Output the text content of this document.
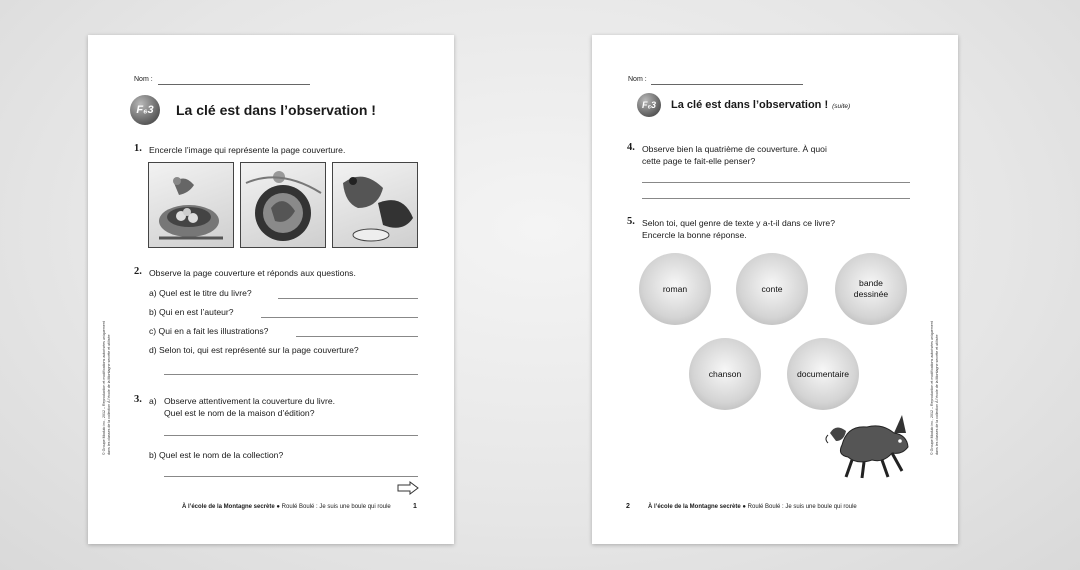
Nom :
F₆3	La clé est dans l’observation !
1. Encercle l’image qui représente la page couverture.
2. Observe la page couverture et réponds aux questions.
a) Quel est le titre du livre?
b) Qui en est l’auteur?
c) Qui en a fait les illustrations?
d) Selon toi, qui est représenté sur la page couverture?
3. a) Observe attentivement la couverture du livre.
Quel est le nom de la maison d’édition?
b) Quel est le nom de la collection?
© Groupe Modulo inc., 2012 – Reproduction et modifications autorisées uniquement dans les classes de la collection À l’école de la Montagne secrète et utilisée
À l’école de la Montagne secrète ● Roulé Boulé : Je suis une boule qui roule	1
Nom :
F₆3	La clé est dans l’observation ! (suite)
4. Observe bien la quatrième de couverture. À quoi
cette page te fait-elle penser?
5. Selon toi, quel genre de texte y a-t-il dans ce livre?
Encercle la bonne réponse.
roman	conte
bande dessinée
chanson	documentaire	© Groupe Modulo inc., 2012 – Reproduction et modifications autorisées uniquement dans les classes de la collection À l’école de la Montagne secrète et utilisée
2	À l’école de la Montagne secrète ● Roulé Boulé : Je suis une boule qui roule
